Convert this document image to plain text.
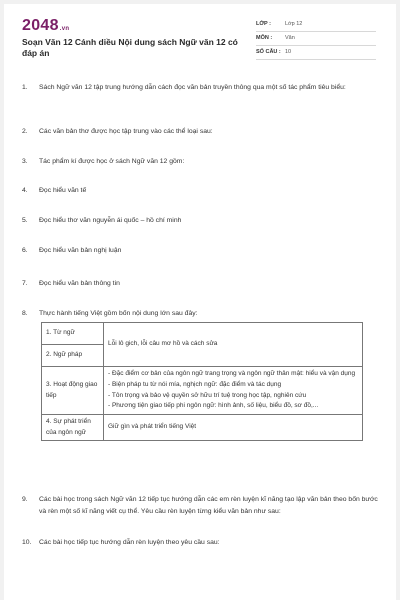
2048.vn
Soạn Văn 12 Cánh diều Nội dung sách Ngữ văn 12 có đáp án
LỚP :	Lớp 12
MÔN :	Văn
SỐ CÂU : 10
1. Sách Ngữ văn 12 tập trung hướng dẫn cách đọc văn bản truyền thông qua một số tác phẩm tiêu biểu:
2. Các văn bản thơ được học tập trung vào các thể loại sau:
3. Tác phẩm kí được học ở sách Ngữ văn 12 gồm:
4. Đọc hiểu văn tế
5. Đọc hiểu thơ văn nguyễn ái quốc – hồ chí minh
6. Đọc hiểu văn bản nghị luận
7. Đọc hiểu văn bản thông tin
8. Thực hành tiếng Việt gồm bốn nội dung lớn sau đây:
1. Từ ngữ	Lỗi lô gich, lỗi câu mơ hồ và cách sửa
2. Ngữ pháp	
3. Hoạt động giao tiếp	- Đặc điểm cơ bản của ngôn ngữ trang trọng và ngôn ngữ thân mật: hiểu và vận dụng
- Biện pháp tu từ nói mía, nghịch ngữ: đặc điểm và tác dụng
- Tôn trọng và bảo vệ quyền sở hữu trí tuệ trong học tập, nghiên cứu
- Phương tiện giao tiếp phi ngôn ngữ: hình ảnh, số liệu, biểu đồ, sơ đồ,...

4. Sự phát triển của ngôn ngữ	Giữ gìn và phát triển tiếng Việt
9. Các bài học trong sách Ngữ văn 12 tiếp tục hướng dẫn các em rèn luyện kĩ năng tạo lập văn bản theo bốn bước và rèn một số kĩ năng viết cụ thể. Yêu cầu rèn luyện từng kiểu văn bản như sau:
10. Các bài học tiếp tục hướng dẫn rèn luyện theo yêu cầu sau:
